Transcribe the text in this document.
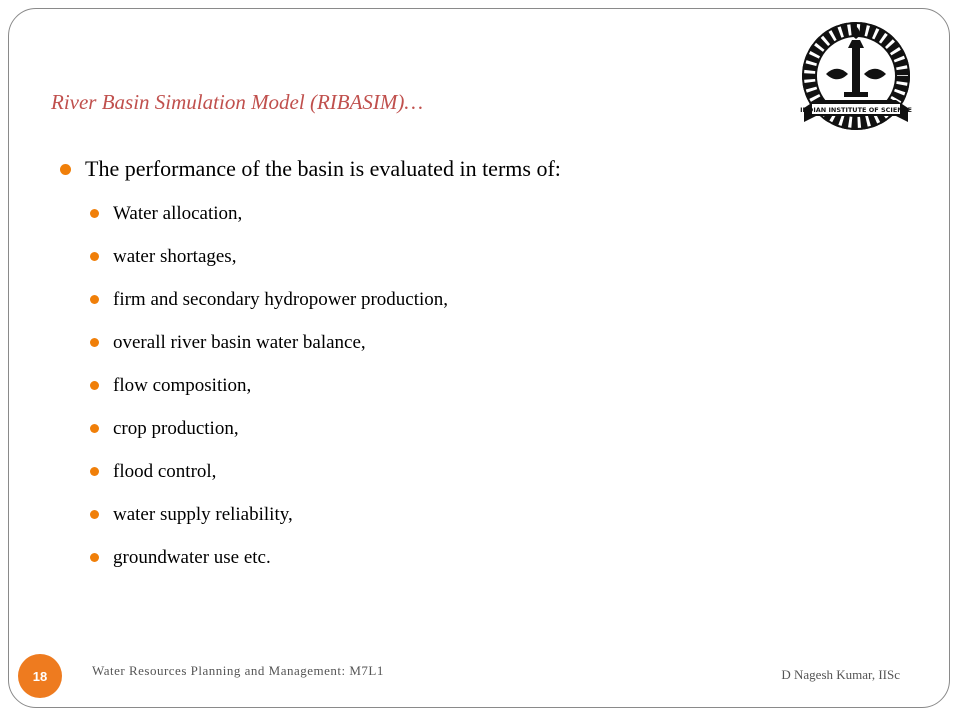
River Basin Simulation Model (RIBASIM)…	INDIAN INSTITUTE OF SCIENCE
The performance of the basin is evaluated in terms of:
Water allocation,
water shortages,
firm and secondary hydropower production,
overall river basin water balance,
flow composition,
crop production,
flood control,
water supply reliability,
groundwater use etc.
18	Water Resources Planning and Management: M7L1	D Nagesh Kumar, IISc
